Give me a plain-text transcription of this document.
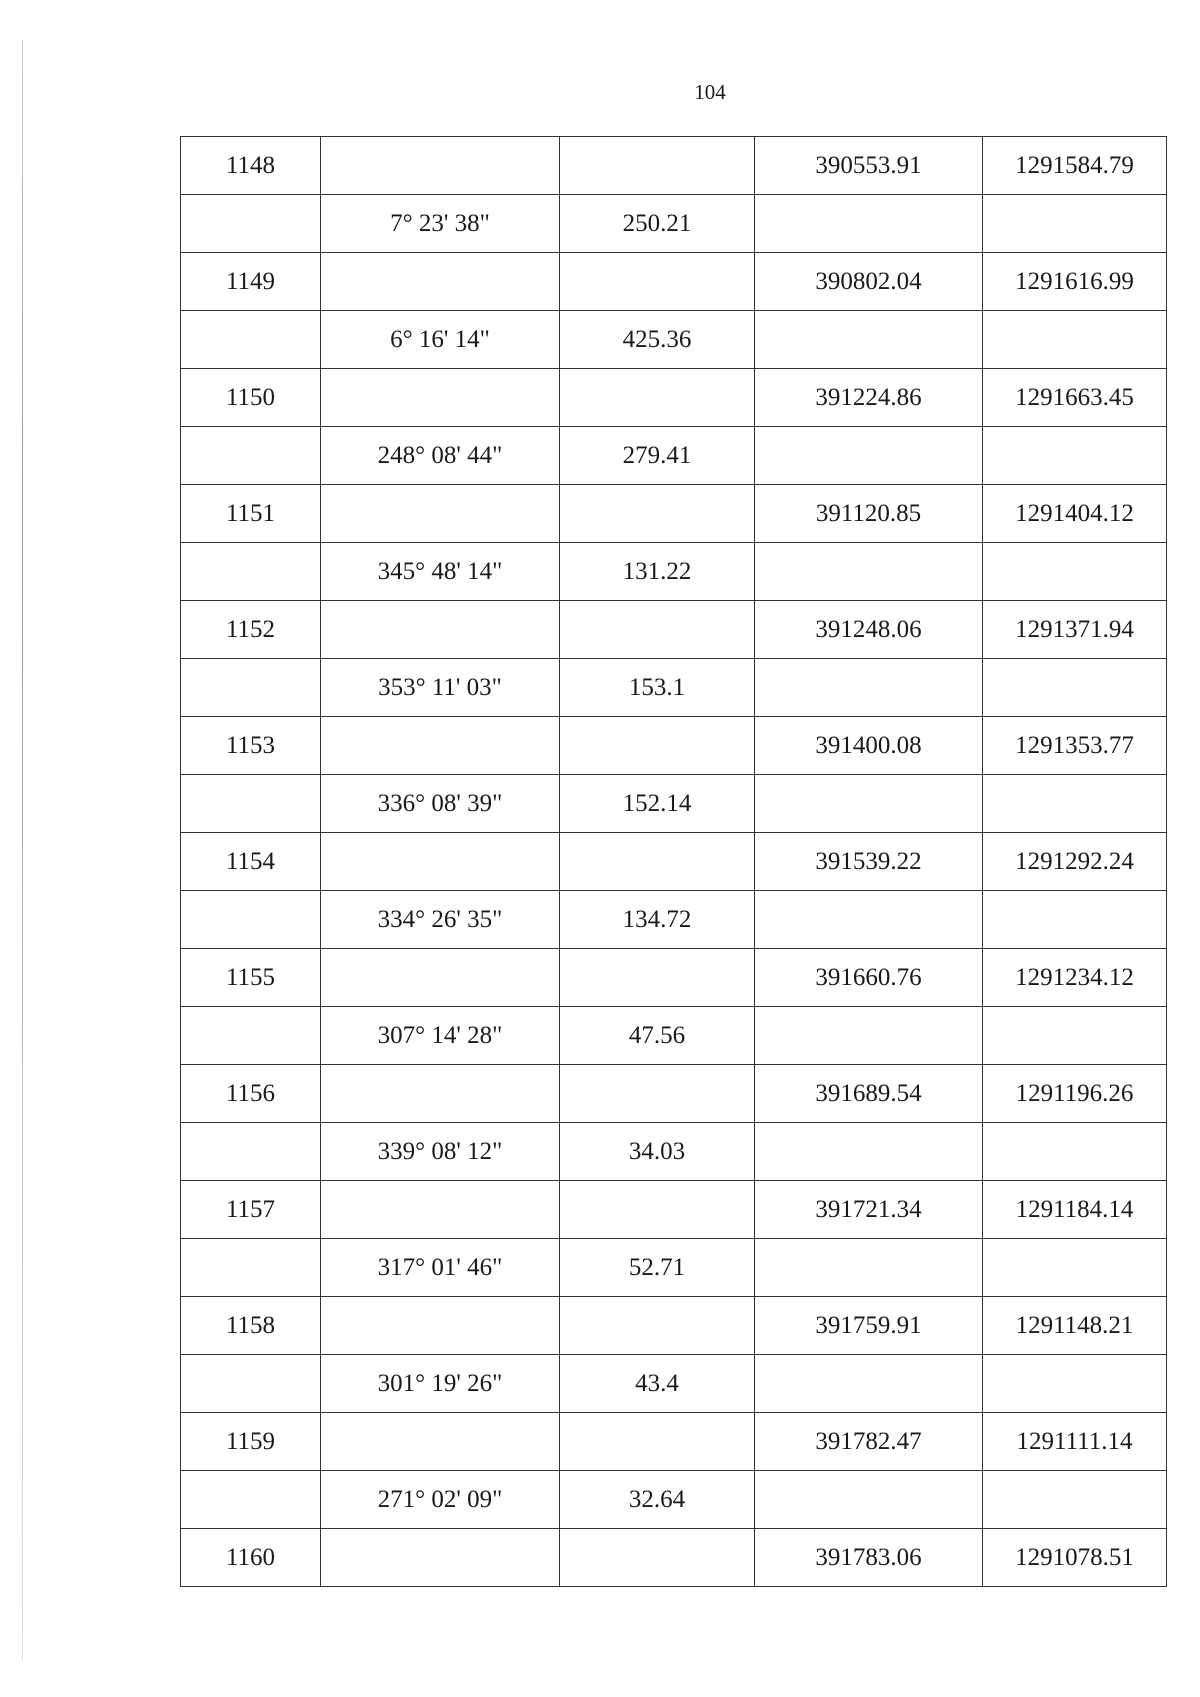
104
1148			390553.91	1291584.79
	7° 23' 38"	250.21		
1149			390802.04	1291616.99
	6° 16' 14"	425.36		
1150			391224.86	1291663.45
	248° 08' 44"	279.41		
1151			391120.85	1291404.12
	345° 48' 14"	131.22		
1152			391248.06	1291371.94
	353° 11' 03"	153.1		
1153			391400.08	1291353.77
	336° 08' 39"	152.14		
1154			391539.22	1291292.24
	334° 26' 35"	134.72		
1155			391660.76	1291234.12
	307° 14' 28"	47.56		
1156			391689.54	1291196.26
	339° 08' 12"	34.03		
1157			391721.34	1291184.14
	317° 01' 46"	52.71		
1158			391759.91	1291148.21
	301° 19' 26"	43.4		
1159			391782.47	1291111.14
	271° 02' 09"	32.64		
1160			391783.06	1291078.51
